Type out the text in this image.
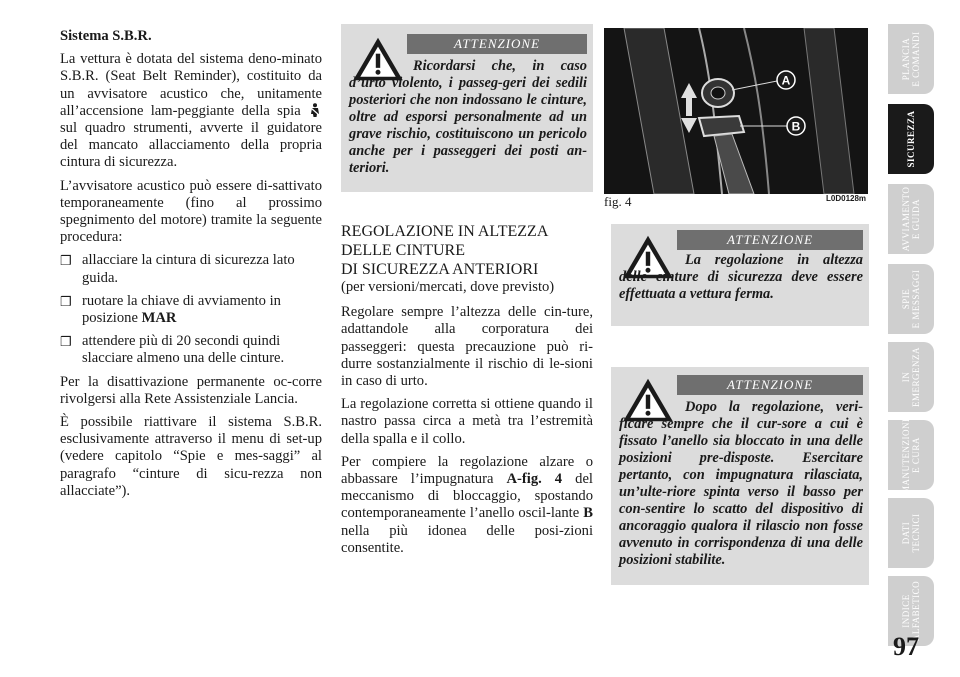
Sistema S.B.R.

La vettura è dotata del sistema deno-minato S.B.R. (Seat Belt Reminder), costituito da un avvisatore acustico che, unitamente all’accensione lam-peggiante della spia  sul quadro strumenti, avverte il guidatore del mancato allacciamento della propria cintura di sicurezza.

L’avvisatore acustico può essere di-sattivato temporaneamente (fino al prossimo spegnimento del motore) tramite la seguente procedura:

❒ allacciare la cintura di sicurezza lato guida.
❒ ruotare la chiave di avviamento in posizione MAR
❒ attendere più di 20 secondi quindi slacciare almeno una delle cinture.

Per la disattivazione permanente oc-corre rivolgersi alla Rete Assistenziale Lancia.

È possibile riattivare il sistema S.B.R. esclusivamente attraverso il menu di set-up (vedere capitolo “Spie e mes-saggi” al paragrafo “cinture di sicu-rezza non allacciate”).

ATTENZIONE
Ricordarsi che, in caso d’urto violento, i passeg-geri dei sedili posteriori che non indossano le cinture, oltre ad esporsi personalmente ad un grave rischio, costituiscono un pericolo anche per i passeggeri dei posti an-teriori.
REGOLAZIONE IN ALTEZZA
DELLE CINTURE
DI SICUREZZA ANTERIORI

(per versioni/mercati, dove previsto)

Regolare sempre l’altezza delle cin-ture, adattandole alla corporatura dei passeggeri: questa precauzione può ri-durre sostanzialmente il rischio di le-sioni in caso di urto.

La regolazione corretta si ottiene quando il nastro passa circa a metà tra l’estremità della spalla e il collo.

Per compiere la regolazione alzare o abbassare l’impugnatura A-fig. 4 del meccanismo di bloccaggio, spostando contemporaneamente l’anello oscil-lante B nella più idonea delle posi-zioni consentite.

A
B
fig. 4	L0D0128m
ATTENZIONE
La regolazione in altezza delle cinture di sicurezza deve essere effettuata a vettura ferma.
ATTENZIONE
Dopo la regolazione, veri-ficare sempre che il cur-sore a cui è fissato l’anello sia bloccato in una delle posizioni pre-disposte. Esercitare pertanto, con impugnatura rilasciata, un’ulte-riore spinta verso il basso per con-sentire lo scatto del dispositivo di ancoraggio qualora il rilascio non fosse avvenuto in corrispondenza di una delle posizioni stabilite.
PLANCIA E COMANDI
SICUREZZA
AVVIAMENTO E GUIDA
SPIE E MESSAGGI
IN EMERGENZA
MANUTENZIONE E CURA
DATI TECNICI
INDICE ALFABETICO
97
